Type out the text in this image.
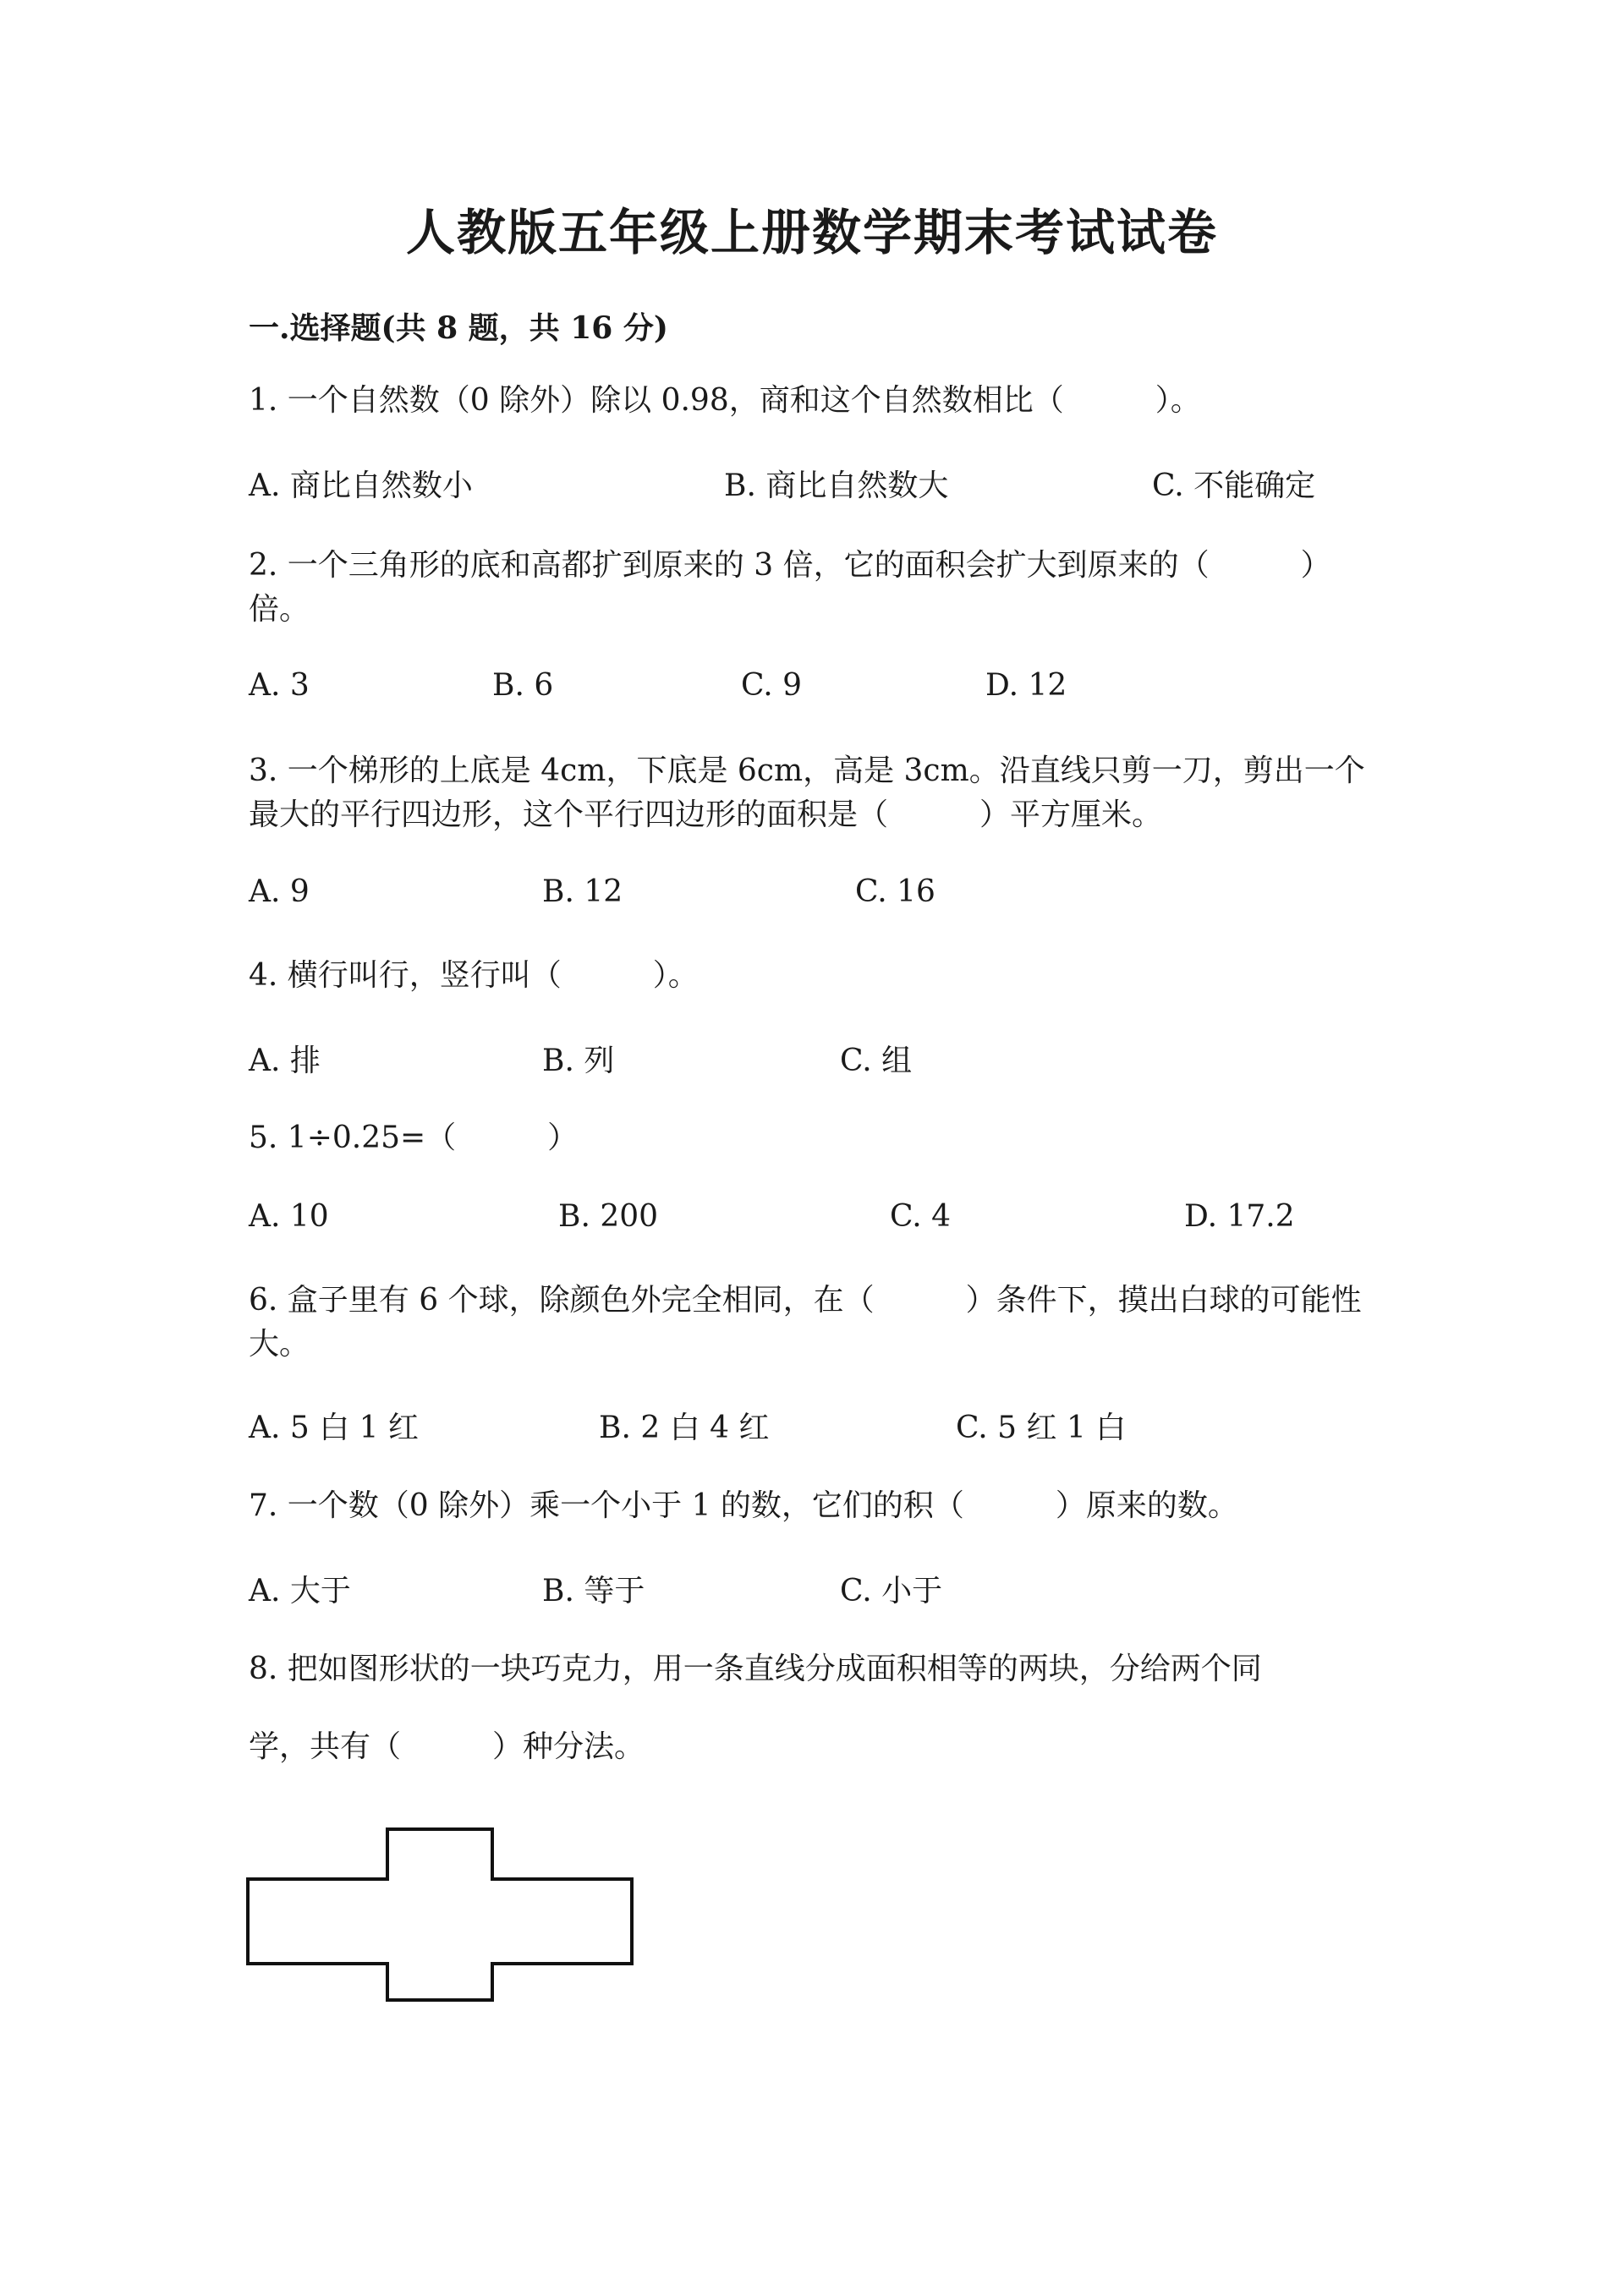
人教版五年级上册数学期末考试试卷
一.选择题(共 8 题，共 16 分)
1. 一个自然数（0 除外）除以 0.98，商和这个自然数相比（　　　）。
A. 商比自然数小	B. 商比自然数大	C. 不能确定
2. 一个三角形的底和高都扩到原来的 3 倍，它的面积会扩大到原来的（　　　）倍。
A. 3	B. 6	C. 9	D. 12
3. 一个梯形的上底是 4cm，下底是 6cm，高是 3cm。沿直线只剪一刀，剪出一个最大的平行四边形，这个平行四边形的面积是（　　　）平方厘米。
A. 9	B. 12	C. 16
4. 横行叫行，竖行叫（　　　）。
A. 排	B. 列	C. 组
5. 1÷0.25=（　　　）
A. 10	B. 200	C. 4	D. 17.2
6. 盒子里有 6 个球，除颜色外完全相同，在（　　　）条件下，摸出白球的可能性大。
A. 5 白 1 红	B. 2 白 4 红	C. 5 红 1 白
7. 一个数（0 除外）乘一个小于 1 的数，它们的积（　　　）原来的数。
A. 大于	B. 等于	C. 小于
8. 把如图形状的一块巧克力，用一条直线分成面积相等的两块，分给两个同
学，共有（　　　）种分法。
